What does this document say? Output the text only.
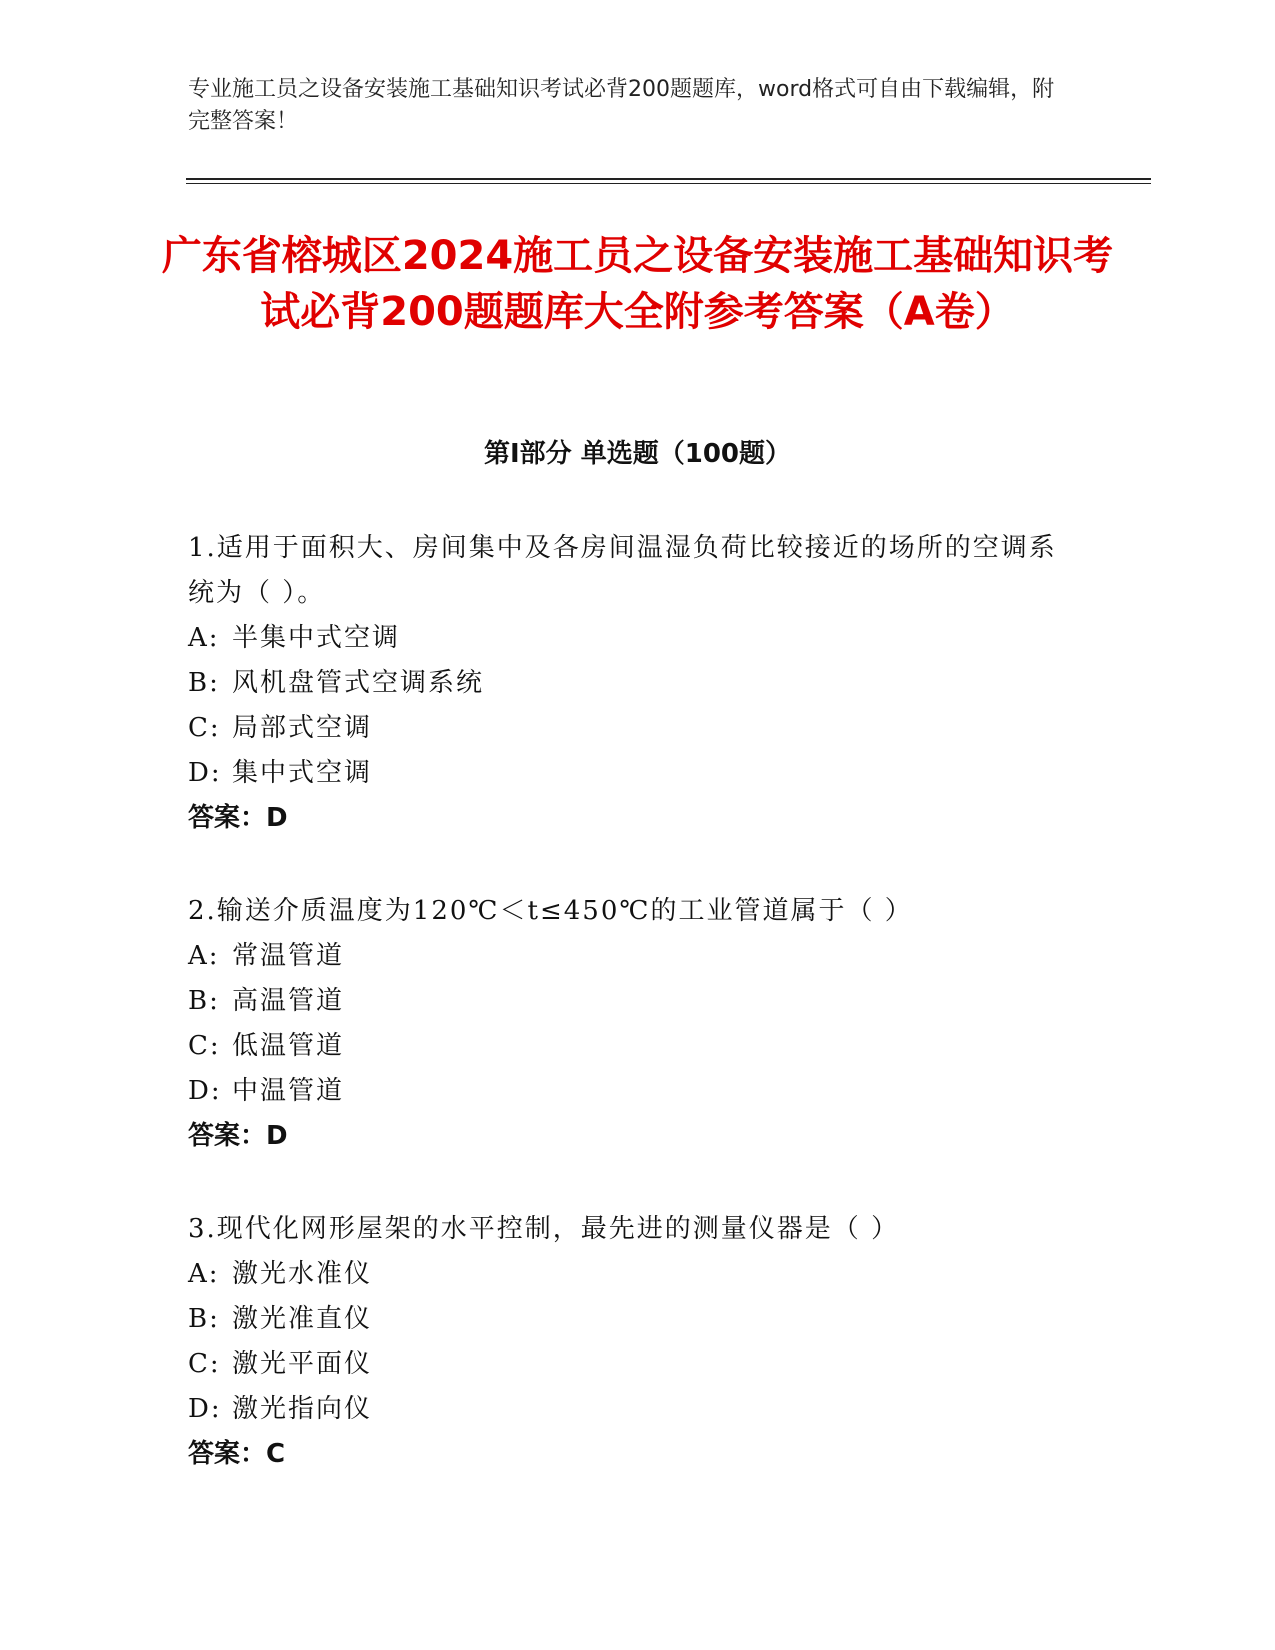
专业施工员之设备安装施工基础知识考试必背200题题库，word格式可自由下载编辑，附完整答案！
广东省榕城区2024施工员之设备安装施工基础知识考试必背200题题库大全附参考答案（A卷）
第I部分 单选题（100题）
1.适用于面积大、房间集中及各房间温湿负荷比较接近的场所的空调系统为（ ）。
A: 半集中式空调
B: 风机盘管式空调系统
C: 局部式空调
D: 集中式空调
答案：D
2.输送介质温度为120℃＜t≤450℃的工业管道属于（ ）
A: 常温管道
B: 高温管道
C: 低温管道
D: 中温管道
答案：D
3.现代化网形屋架的水平控制，最先进的测量仪器是（ ）
A: 激光水准仪
B: 激光准直仪
C: 激光平面仪
D: 激光指向仪
答案：C
